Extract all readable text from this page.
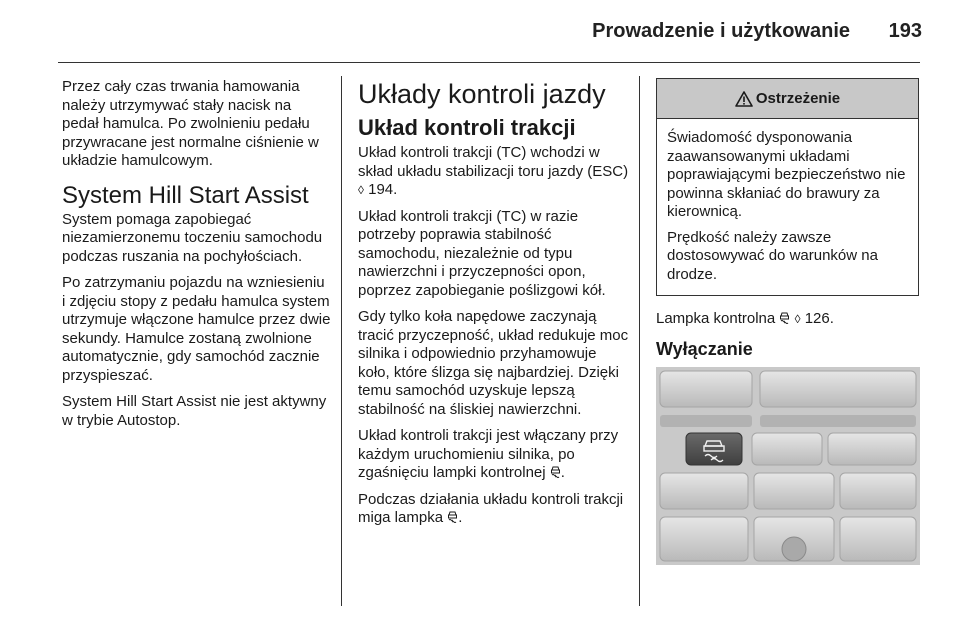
Prowadzenie i użytkowanie	193

Przez cały czas trwania hamowania należy utrzymywać stały nacisk na pedał hamulca. Po zwolnieniu pedału przywracane jest normalne ciśnienie w układzie hamulcowym.

System Hill Start Assist

System pomaga zapobiegać niezamierzonemu toczeniu samochodu podczas ruszania na pochyłościach.

Po zatrzymaniu pojazdu na wzniesieniu i zdjęciu stopy z pedału hamulca system utrzymuje włączone hamulce przez dwie sekundy. Hamulce zostaną zwolnione automatycznie, gdy samochód zacznie przyspieszać.

System Hill Start Assist nie jest aktywny w trybie Autostop.

Układy kontroli jazdy
Układ kontroli trakcji

Układ kontroli trakcji (TC) wchodzi w skład układu stabilizacji toru jazdy (ESC) ◊ 194.

Układ kontroli trakcji (TC) w razie potrzeby poprawia stabilność samochodu, niezależnie od typu nawierzchni i przyczepności opon, poprzez zapobieganie poślizgowi kół.

Gdy tylko koła napędowe zaczynają tracić przyczepność, układ redukuje moc silnika i odpowiednio przyhamowuje koło, które ślizga się najbardziej. Dzięki temu samochód uzyskuje lepszą stabilność na śliskiej nawierzchni.

Układ kontroli trakcji jest włączany przy każdym uruchomieniu silnika, po zgaśnięciu lampki kontrolnej .

Podczas działania układu kontroli trakcji miga lampka .

Ostrzeżenie

Świadomość dysponowania zaawansowanymi układami poprawiającymi bezpieczeństwo nie powinna skłaniać do brawury za kierownicą.

Prędkość należy zawsze dostosowywać do warunków na drodze.

Lampka kontrolna ◊ 126.

Wyłączanie
